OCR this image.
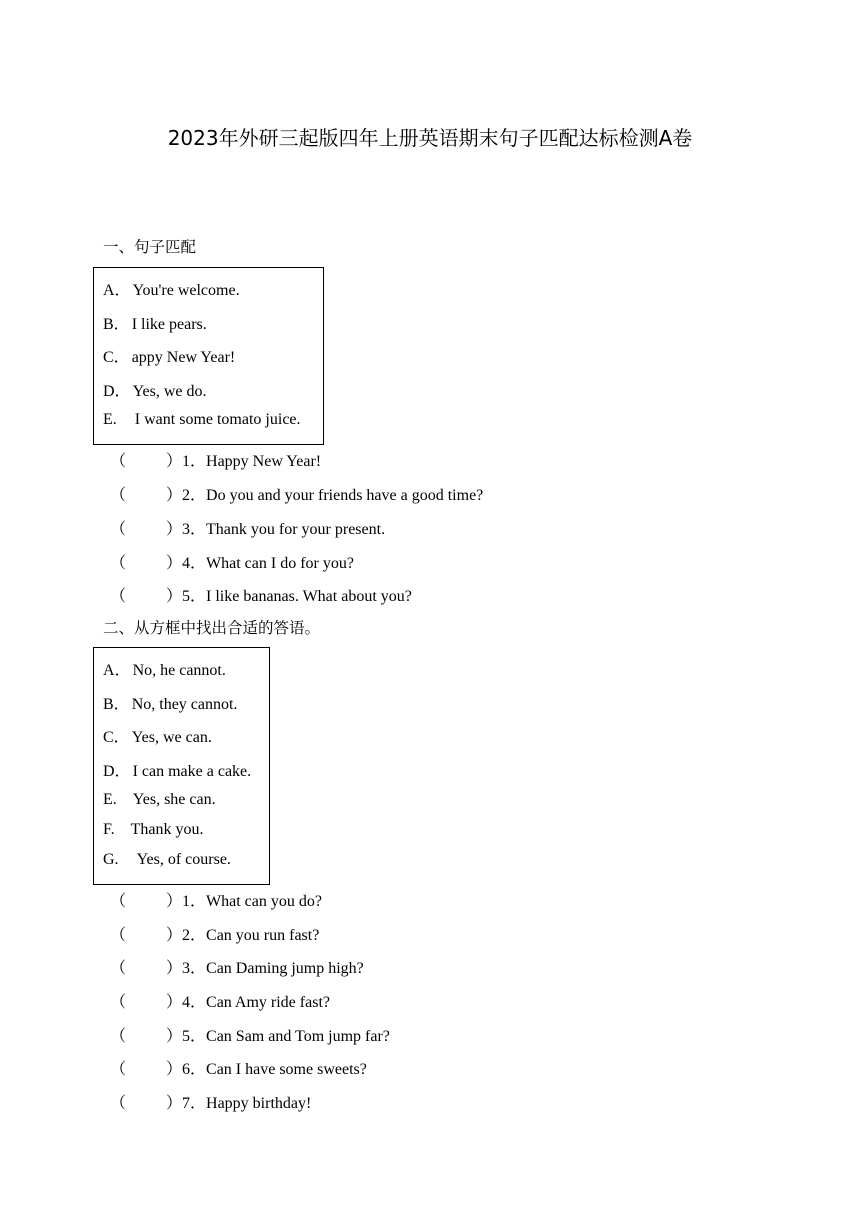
2023年外研三起版四年上册英语期末句子匹配达标检测A卷
一、句子匹配
A． You're welcome.
B． I like pears.
C． appy New Year!
D． Yes, we do.
E. I want some tomato juice.
（ ）1．Happy New Year!
（ ）2．Do you and your friends have a good time?
（ ）3．Thank you for your present.
（ ）4．What can I do for you?
（ ）5．I like bananas. What about you?
二、从方框中找出合适的答语。
A． No, he cannot.
B． No, they cannot.
C． Yes, we can.
D． I can make a cake.
E. Yes, she can.
F. Thank you.
G. Yes, of course.
（ ）1．What can you do?
（ ）2．Can you run fast?
（ ）3．Can Daming jump high?
（ ）4．Can Amy ride fast?
（ ）5．Can Sam and Tom jump far?
（ ）6．Can I have some sweets?
（ ）7．Happy birthday!
